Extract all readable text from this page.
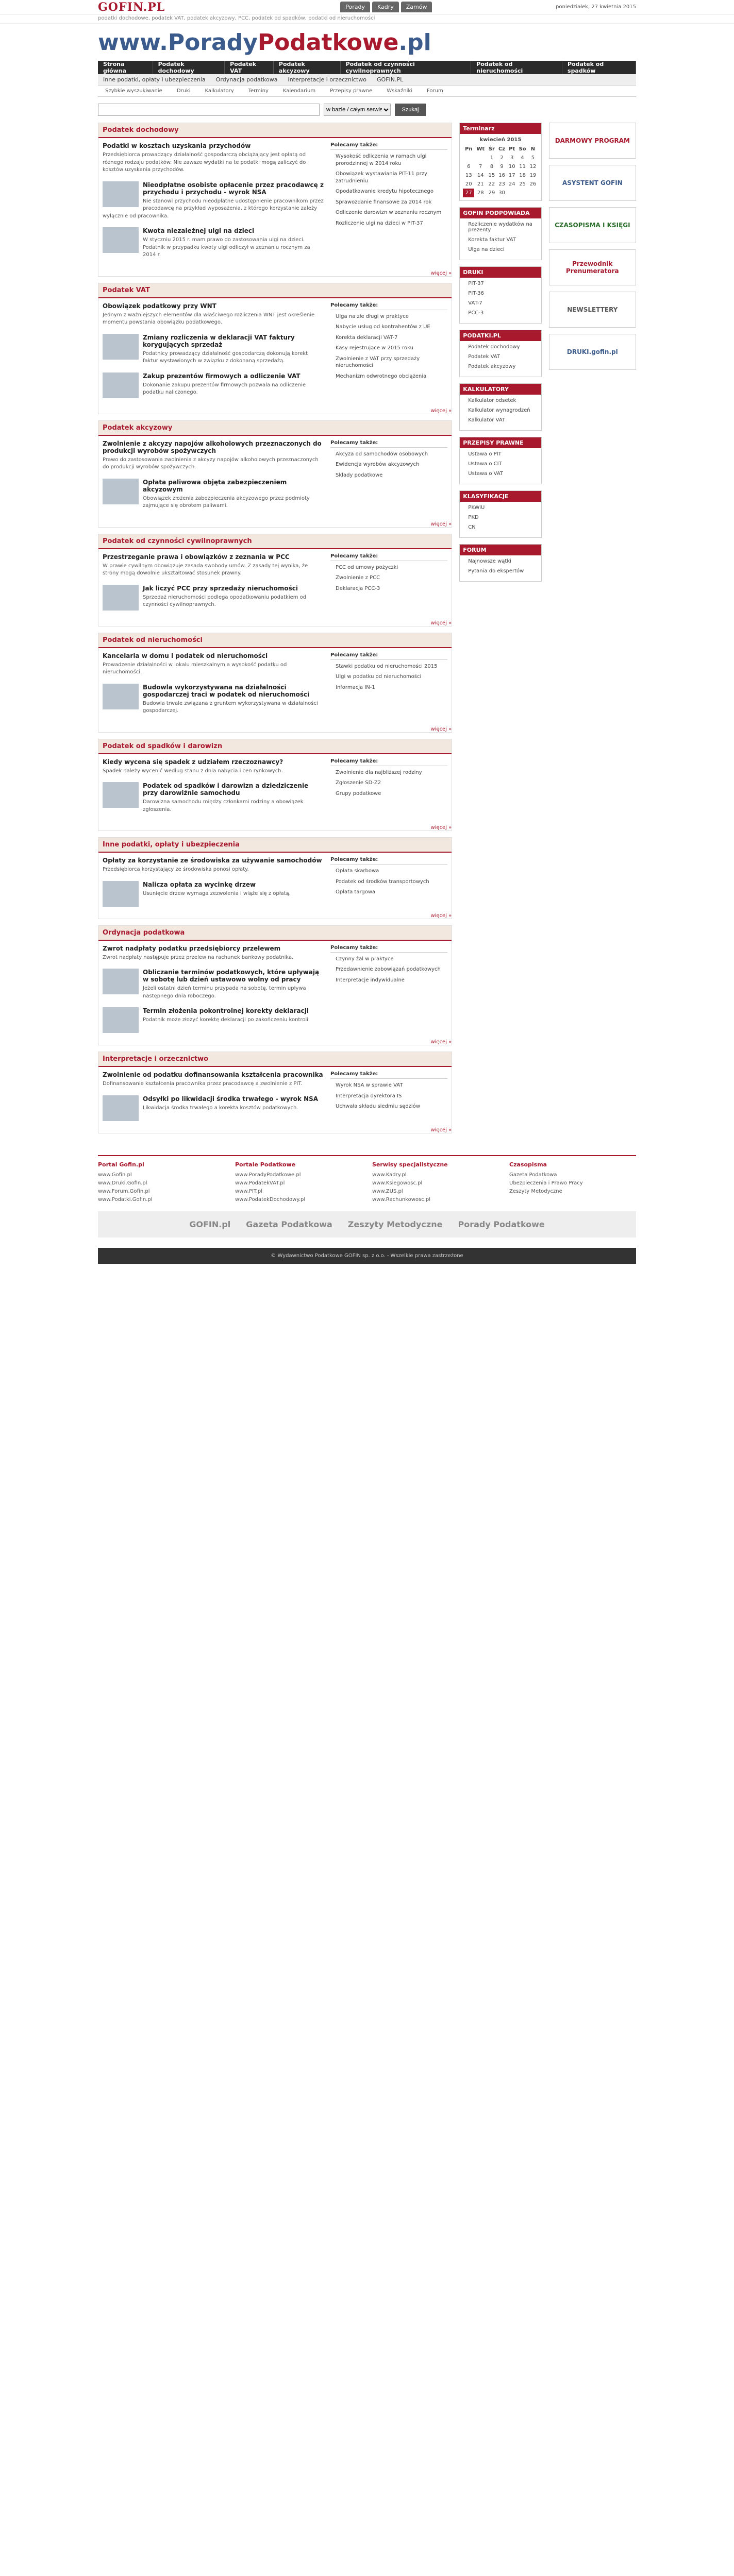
GOFIN.PL	Porady	Kadry	Zamów	poniedziałek, 27 kwietnia 2015
podatki dochodowe, podatek VAT, podatek akcyzowy, PCC, podatek od spadków, podatki od nieruchomości
www.PoradyPodatkowe.pl
Strona główna
Podatek dochodowy
Podatek VAT
Podatek akcyzowy
Podatek od czynności cywilnoprawnych
Podatek od nieruchomości
Podatek od spadków
Inne podatki, opłaty i ubezpieczenia	Ordynacja podatkowa	Interpretacje i orzecznictwo	GOFIN.PL
Szybkie wyszukiwanie	Druki	Kalkulatory	Terminy	Kalendarium	Przepisy prawne	Wskaźniki	Forum
w bazie / całym serwisie
Szukaj
Podatek dochodowy
Podatki w kosztach uzyskania przychodów

Przedsiębiorca prowadzący działalność gospodarczą obciążający jest opłatą od różnego rodzaju podatków. Nie zawsze wydatki na te podatki mogą zaliczyć do kosztów uzyskania przychodów.

Nieodpłatne osobiste opłacenie przez pracodawcę z przychodu i przychodu - wyrok NSA

Nie stanowi przychodu nieodpłatne udostępnienie pracownikom przez pracodawcę na przykład wyposażenia, z którego korzystanie zależy wyłącznie od pracownika.

Kwota niezależnej ulgi na dzieci

W styczniu 2015 r. mam prawo do zastosowania ulgi na dzieci. Podatnik w przypadku kwoty ulgi odliczył w zeznaniu rocznym za 2014 r.

Polecamy także:
Wysokość odliczenia w ramach ulgi prorodzinnej w 2014 roku
Obowiązek wystawiania PIT-11 przy zatrudnieniu
Opodatkowanie kredytu hipotecznego
Sprawozdanie finansowe za 2014 rok
Odliczenie darowizn w zeznaniu rocznym
Rozliczenie ulgi na dzieci w PIT-37
więcej »
Podatek VAT
Obowiązek podatkowy przy WNT

Jednym z ważniejszych elementów dla właściwego rozliczenia WNT jest określenie momentu powstania obowiązku podatkowego.

Zmiany rozliczenia w deklaracji VAT faktury korygujących sprzedaż

Podatnicy prowadzący działalność gospodarczą dokonują korekt faktur wystawionych w związku z dokonaną sprzedażą.

Zakup prezentów firmowych a odliczenie VAT

Dokonanie zakupu prezentów firmowych pozwala na odliczenie podatku naliczonego.

Polecamy także:
Ulga na złe długi w praktyce
Nabycie usług od kontrahentów z UE
Korekta deklaracji VAT-7
Kasy rejestrujące w 2015 roku
Zwolnienie z VAT przy sprzedaży nieruchomości
Mechanizm odwrotnego obciążenia
więcej »
Podatek akcyzowy
Zwolnienie z akcyzy napojów alkoholowych przeznaczonych do produkcji wyrobów spożywczych

Prawo do zastosowania zwolnienia z akcyzy napojów alkoholowych przeznaczonych do produkcji wyrobów spożywczych.

Opłata paliwowa objęta zabezpieczeniem akcyzowym

Obowiązek złożenia zabezpieczenia akcyzowego przez podmioty zajmujące się obrotem paliwami.

Polecamy także:
Akcyza od samochodów osobowych
Ewidencja wyrobów akcyzowych
Składy podatkowe
więcej »
Podatek od czynności cywilnoprawnych
Przestrzeganie prawa i obowiązków z zeznania w PCC

W prawie cywilnym obowiązuje zasada swobody umów. Z zasady tej wynika, że strony mogą dowolnie ukształtować stosunek prawny.

Jak liczyć PCC przy sprzedaży nieruchomości

Sprzedaż nieruchomości podlega opodatkowaniu podatkiem od czynności cywilnoprawnych.

Polecamy także:
PCC od umowy pożyczki
Zwolnienie z PCC
Deklaracja PCC-3
więcej »
Podatek od nieruchomości
Kancelaria w domu i podatek od nieruchomości

Prowadzenie działalności w lokalu mieszkalnym a wysokość podatku od nieruchomości.

Budowla wykorzystywana na działalności gospodarczej traci w podatek od nieruchomości

Budowla trwale związana z gruntem wykorzystywana w działalności gospodarczej.

Polecamy także:
Stawki podatku od nieruchomości 2015
Ulgi w podatku od nieruchomości
Informacja IN-1
więcej »
Podatek od spadków i darowizn
Kiedy wycena się spadek z udziałem rzeczoznawcy?

Spadek należy wycenić według stanu z dnia nabycia i cen rynkowych.

Podatek od spadków i darowizn a dziedziczenie przy darowiźnie samochodu

Darowizna samochodu między członkami rodziny a obowiązek zgłoszenia.

Polecamy także:
Zwolnienie dla najbliższej rodziny
Zgłoszenie SD-Z2
Grupy podatkowe
więcej »
Inne podatki, opłaty i ubezpieczenia
Opłaty za korzystanie ze środowiska za używanie samochodów

Przedsiębiorca korzystający ze środowiska ponosi opłaty.

Nalicza opłata za wycinkę drzew

Usunięcie drzew wymaga zezwolenia i wiąże się z opłatą.

Polecamy także:
Opłata skarbowa
Podatek od środków transportowych
Opłata targowa
więcej »
Ordynacja podatkowa
Zwrot nadpłaty podatku przedsiębiorcy przelewem

Zwrot nadpłaty następuje przez przelew na rachunek bankowy podatnika.

Obliczanie terminów podatkowych, które upływają w sobotę lub dzień ustawowo wolny od pracy

Jeżeli ostatni dzień terminu przypada na sobotę, termin upływa następnego dnia roboczego.

Termin złożenia pokontrolnej korekty deklaracji

Podatnik może złożyć korektę deklaracji po zakończeniu kontroli.

Polecamy także:
Czynny żal w praktyce
Przedawnienie zobowiązań podatkowych
Interpretacje indywidualne
więcej »
Interpretacje i orzecznictwo
Zwolnienie od podatku dofinansowania kształcenia pracownika

Dofinansowanie kształcenia pracownika przez pracodawcę a zwolnienie z PIT.

Odsyłki po likwidacji środka trwałego - wyrok NSA

Likwidacja środka trwałego a korekta kosztów podatkowych.

Polecamy także:
Wyrok NSA w sprawie VAT
Interpretacja dyrektora IS
Uchwała składu siedmiu sędziów
więcej »
Terminarz
kwiecień 2015
Pn	Wt	Śr	Cz	Pt	So	N
		1	2	3	4	5
6	7	8	9	10	11	12
13	14	15	16	17	18	19
20	21	22	23	24	25	26
27	28	29	30			
GOFIN PODPOWIADA
Rozliczenie wydatków na prezenty
Korekta faktur VAT
Ulga na dzieci
DRUKI
PIT-37
PIT-36
VAT-7
PCC-3
PODATKI.PL
Podatek dochodowy
Podatek VAT
Podatek akcyzowy
KALKULATORY
Kalkulator odsetek
Kalkulator wynagrodzeń
Kalkulator VAT
PRZEPISY PRAWNE
Ustawa o PIT
Ustawa o CIT
Ustawa o VAT
KLASYFIKACJE
PKWiU
PKD
CN
FORUM
Najnowsze wątki
Pytania do ekspertów
DARMOWY PROGRAM
ASYSTENT GOFIN
CZASOPISMA I KSIĘGI
Przewodnik Prenumeratora
NEWSLETTERY
DRUKI.gofin.pl
Portal Gofin.pl
www.Gofin.pl
www.Druki.Gofin.pl
www.Forum.Gofin.pl
www.Podatki.Gofin.pl
Portale Podatkowe
www.PoradyPodatkowe.pl
www.PodatekVAT.pl
www.PIT.pl
www.PodatekDochodowy.pl
Serwisy specjalistyczne
www.Kadry.pl
www.Ksiegowosc.pl
www.ZUS.pl
www.Rachunkowosc.pl
Czasopisma
Gazeta Podatkowa
Ubezpieczenia i Prawo Pracy
Zeszyty Metodyczne
GOFIN.pl Gazeta Podatkowa Zeszyty Metodyczne Porady Podatkowe
© Wydawnictwo Podatkowe GOFIN sp. z o.o. - Wszelkie prawa zastrzeżone
